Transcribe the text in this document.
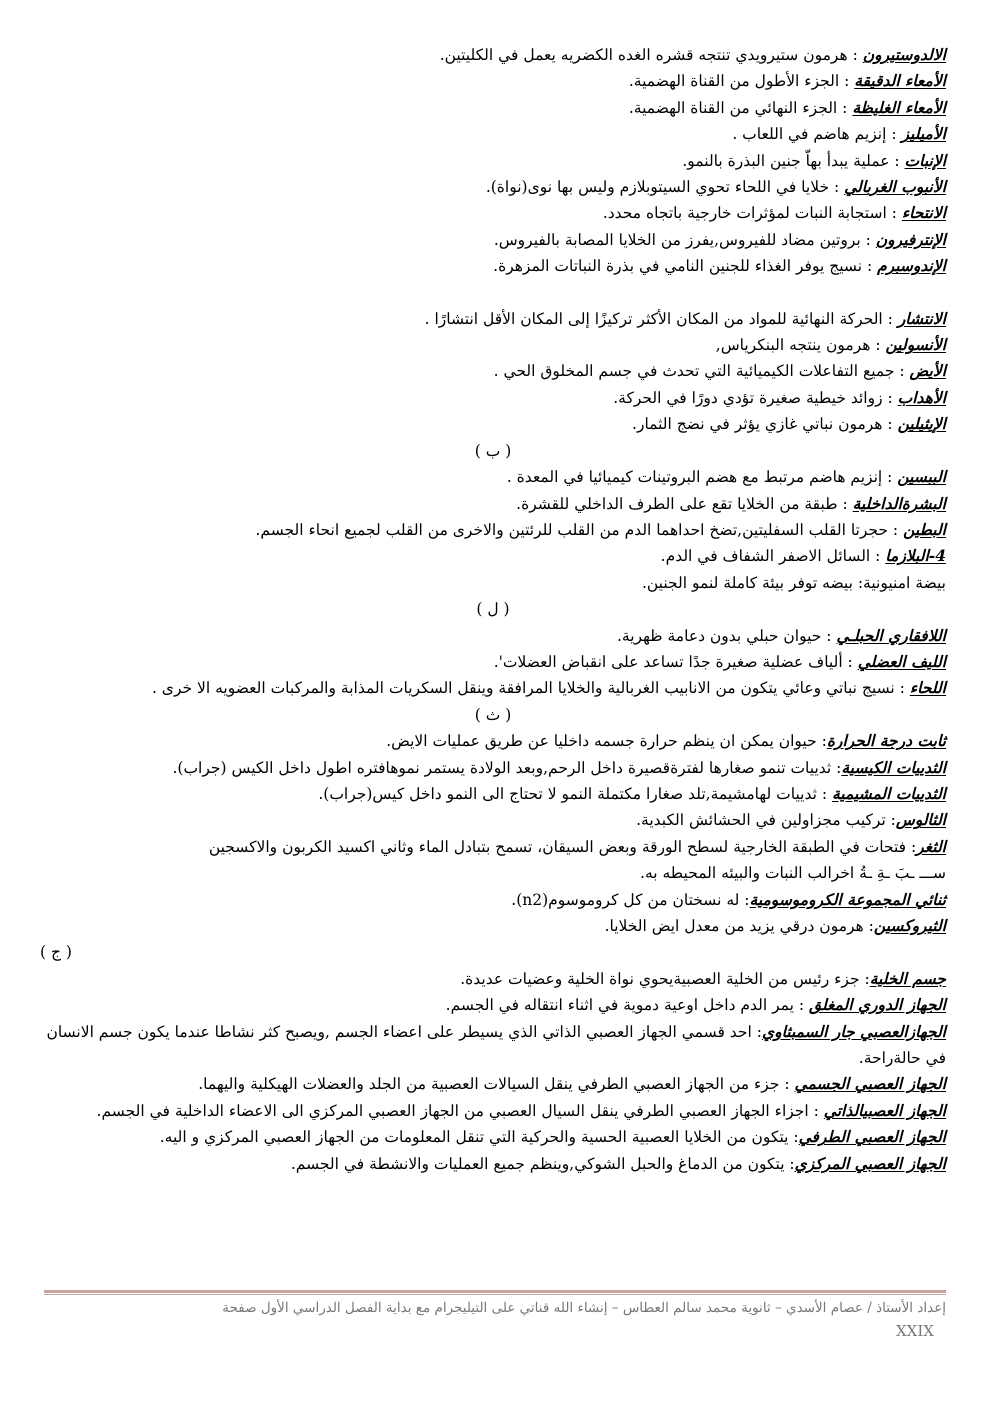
الالدوستيرون : هرمون ستيرويدي تنتجه قشره الغده الكضريه يعمل في الكليتين.
الأمعاء الدقيقة : الجزء الأطول من القناة الهضمية.
الأمعاء الغليظة : الجزء النهائي من القناة الهضمية.
الأميليز : إنزيم هاضم في اللعاب .
الإنبات : عملية يبدأ بهاّ جنين البذرة بالنمو.
الأنبوب الغربالي : خلايا في اللحاء تحوي السيتوبلازم وليس بها نوى(نواة).
الانتحاء : استجابة النبات لمؤثرات خارجية باتجاه محدد.
الإنترفيرون : بروتين مضاد للفيروس,يفرز من الخلايا المصابة بالفيروس.
الإندوسبرم : نسيج يوفر الغذاء للجنين النامي في بذرة النباتات المزهرة.
الانتشار : الحركة النهائية للمواد من المكان الأكثر تركيزًا إلى المكان الأقل انتشارًا .
الأنسولين : هرمون ينتجه البنكرياس,
الأيض : جميع التفاعلات الكيميائية التي تحدث في جسم المخلوق الحي .
الأهداب : زوائد خيطية صغيرة تؤدي دورًا في الحركة.
الإيثيلين : هرمون نباتي غازي يؤثر في نضج الثمار.
( ب )
الببسين : إنزيم هاضم مرتبط مع هضم البروتينات كيميائيا في المعدة .
البشرةالداخلية : طبقة من الخلايا تقع على الطرف الداخلي للقشرة.
البطين : حجرتا القلب السفليتين,تضخ احداهما الدم من القلب للرئتين والاخرى من القلب لجميع انحاء الجسم.
4-البلازما : السائل الاصفر الشفاف في الدم.
بيضة امنيونية: بيضه توفر بيئة كاملة لنمو الجنين.
( ل )
اللافقاري الحبلـي : حيوان حبلي بدون دعامة ظهرية.
الليف العضلي : ألياف عضلية صغيرة جدًا تساعد على انقباض العضلات'.
اللحاء : نسيج نباتي وعائي يتكون من الانابيب الغربالية والخلايا المرافقة وينقل السكريات المذابة والمركبات العضويه الا خرى .
( ث )
ثابت درجة الحرارة: حيوان يمكن ان ينظم حرارة جسمه داخليا عن طريق عمليات الايض.
الثدييات الكيسية: ثدييات تنمو صغارها لفترةقصيرة داخل الرحم,وبعد الولادة يستمر نموهافتره اطول داخل الكيس (جراب).
الثدييات المشيمية : ثدييات لهامشيمة,تلد صغارا مكتملة النمو لا تحتاج الى النمو داخل كيس(جراب).
الثالوس: تركيب مجزاولين في الحشائش الكبدية.
الثغر: فتحات في الطبقة الخارجية لسطح الورقة وبعض السيقان، تسمح بتبادل الماء وثاني اكسيد الكربون والاكسجين
ســـ ـبَ ـةِ ـةُ اخرالب النبات والبيئه المحيطه به.
ثنائي المجموعة الكروموسومية: له نسختان من كل كروموسوم(n2).
الثيروكسين: هرمون درقي يزيد من معدل ايض الخلايا.
( ج )
جسم الخلية: جزء رئيس من الخلية العصبيةيحوي نواة الخلية وعضيات عديدة.
الجهاز الدوري المغلق : يمر الدم داخل اوعية دموية في اثناء انتقاله في الجسم.
الجهازالعصبي جار السمبثاوي: احد قسمي الجهاز العصبي الذاتي الذي يسيطر على اعضاء الجسم ,ويصبح كثر نشاطا عندما يكون جسم الانسان في حالةراحة.
الجهاز العصبي الجسمي : جزء من الجهاز العصبي الطرفي ينقل السيالات العصبية من الجلد والعضلات الهيكلية واليهما.
الجهاز العصبيالذاتي : اجزاء الجهاز العصبي الطرفي ينقل السيال العصبي من الجهاز العصبي المركزي الى الاعضاء الداخلية في الجسم.
الجهاز العصبي الطرفي: يتكون من الخلايا العصبية الحسية والحركية التي تنقل المعلومات من الجهاز العصبي المركزي و اليه.
الجهاز العصبي المركزي: يتكون من الدماغ والحبل الشوكي,وينظم جميع العمليات والانشطة في الجسم.
إعداد الأستاذ / عصام الأسدي – ثانوية محمد سالم العطاس – إنشاء الله قناتي على التيليجرام مع بداية الفصل الدراسي الأول صفحة
XXIX
